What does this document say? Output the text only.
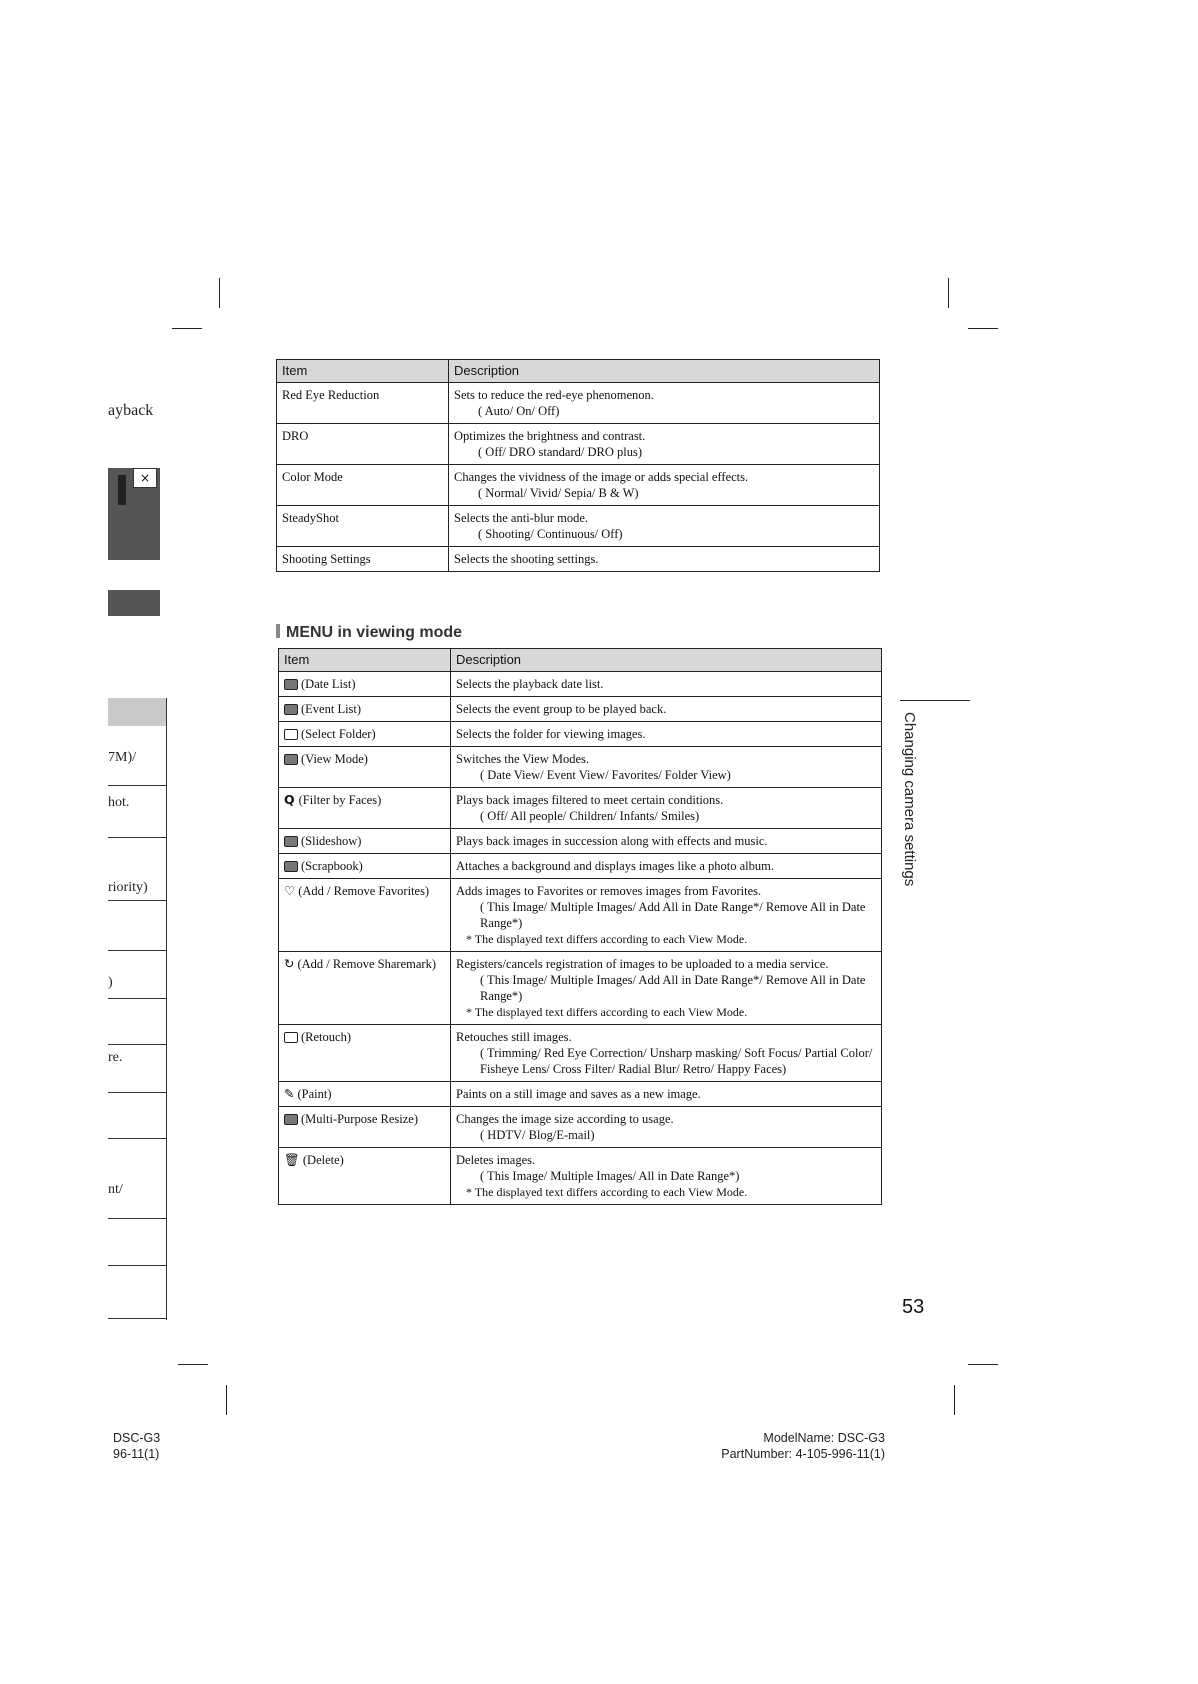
ayback
×
7M)/
hot.
riority)
)
re.
nt/
Item	Description
Red Eye Reduction	Sets to reduce the red-eye phenomenon.
( Auto/ On/ Off)

DRO	Optimizes the brightness and contrast.
( Off/ DRO standard/ DRO plus)

Color Mode	Changes the vividness of the image or adds special effects.
( Normal/ Vivid/ Sepia/ B & W)

SteadyShot	Selects the anti-blur mode.
( Shooting/ Continuous/ Off)

Shooting Settings	Selects the shooting settings.
MENU in viewing mode
Item	Description
(Date List)	Selects the playback date list.

(Event List)	Selects the event group to be played back.

(Select Folder)	Selects the folder for viewing images.

(View Mode)	Switches the View Modes.
( Date View/ Event View/ Favorites/ Folder View)

Q (Filter by Faces)	Plays back images filtered to meet certain conditions.
( Off/ All people/ Children/ Infants/ Smiles)

(Slideshow)	Plays back images in succession along with effects and music.

(Scrapbook)	Attaches a background and displays images like a photo album.

♡ (Add / Remove Favorites)	Adds images to Favorites or removes images from Favorites.
( This Image/ Multiple Images/ Add All in Date Range*/ Remove All in Date Range*)
* The displayed text differs according to each View Mode.

↻ (Add / Remove Sharemark)	Registers/cancels registration of images to be uploaded to a media service.
( This Image/ Multiple Images/ Add All in Date Range*/ Remove All in Date Range*)
* The displayed text differs according to each View Mode.

(Retouch)	Retouches still images.
( Trimming/ Red Eye Correction/ Unsharp masking/ Soft Focus/ Partial Color/ Fisheye Lens/ Cross Filter/ Radial Blur/ Retro/ Happy Faces)

✎ (Paint)	Paints on a still image and saves as a new image.

(Multi-Purpose Resize)	Changes the image size according to usage.
( HDTV/ Blog/E-mail)

🗑 (Delete)	Deletes images.
( This Image/ Multiple Images/ All in Date Range*)
* The displayed text differs according to each View Mode.
Changing camera settings
53
DSC-G3
96-11(1)
ModelName: DSC-G3
PartNumber: 4-105-996-11(1)
